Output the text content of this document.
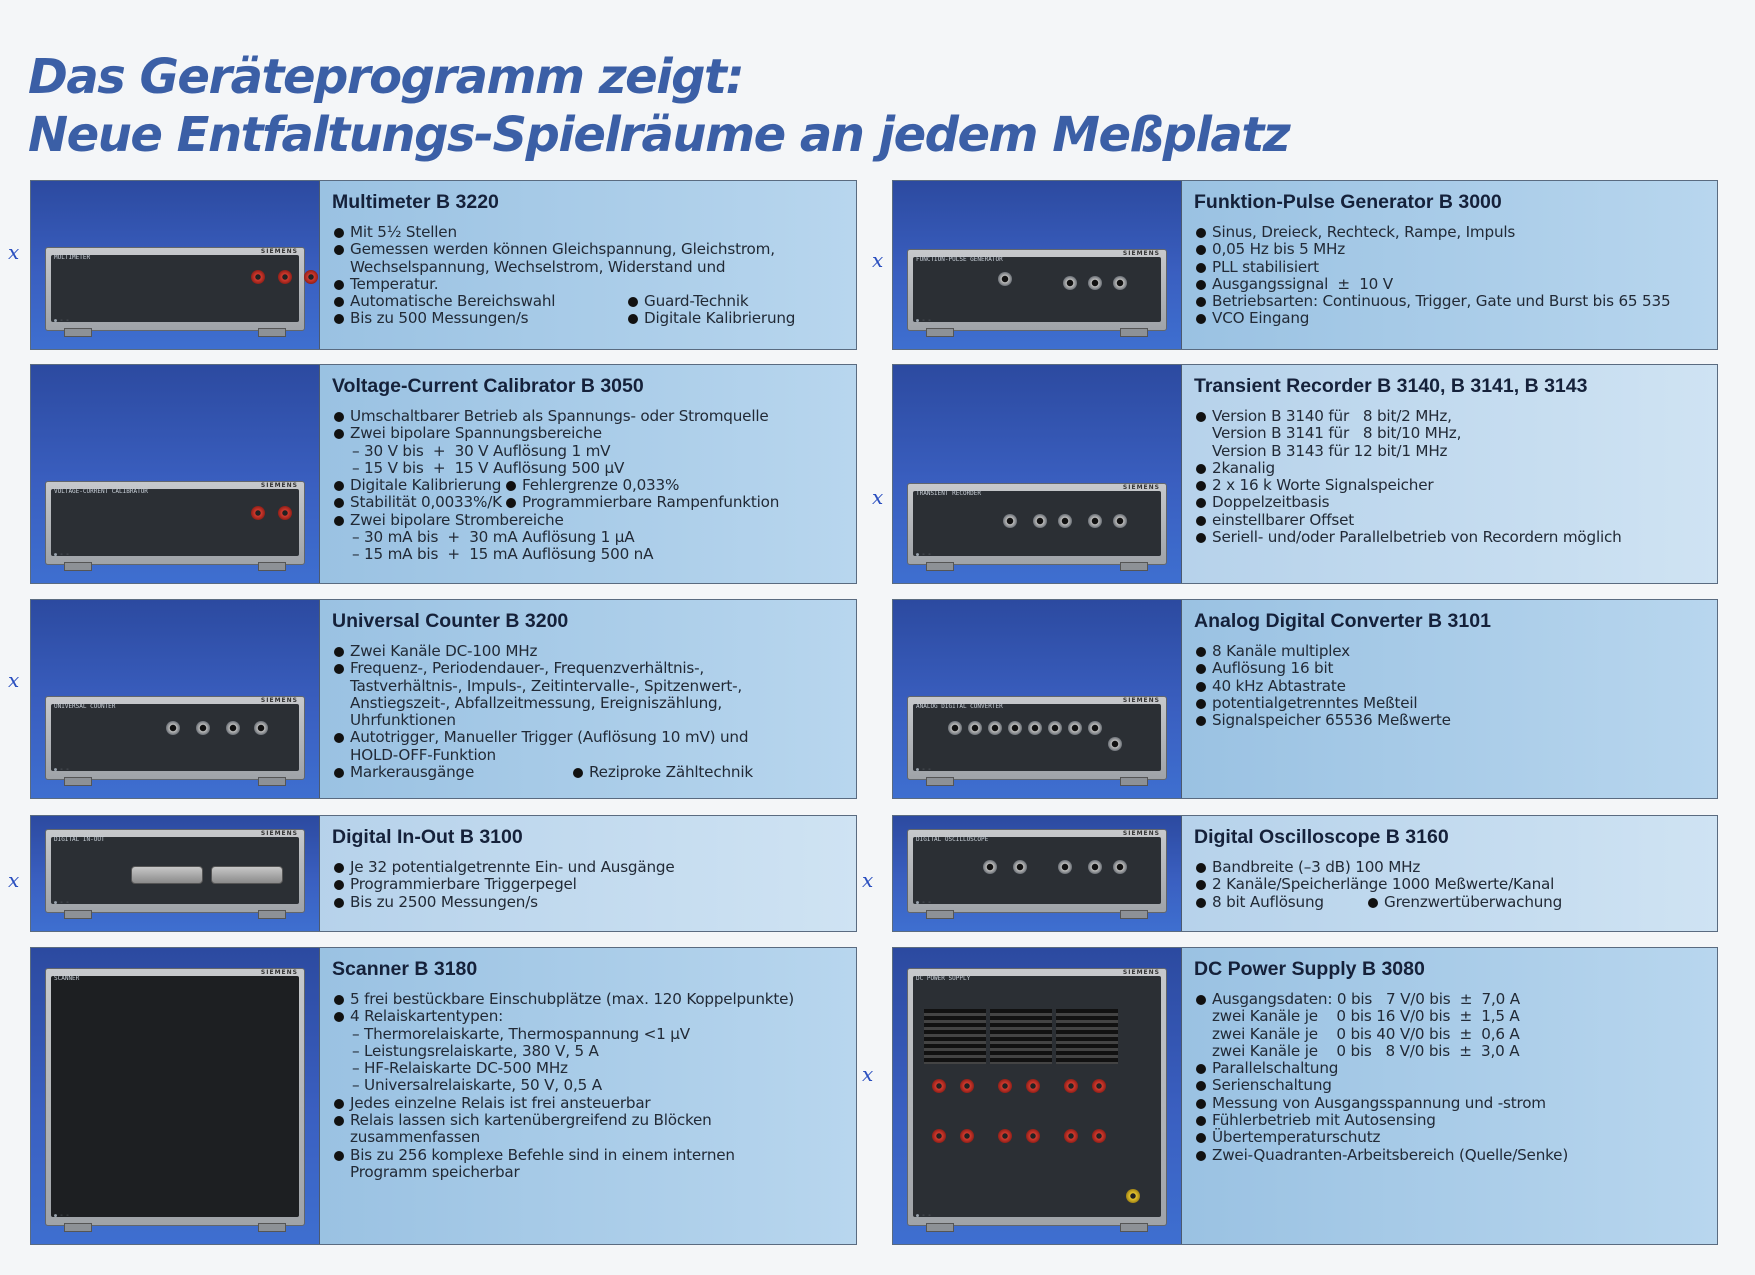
Das Geräteprogramm zeigt:
Neue Entfaltungs-Spielräume an jedem Meßplatz
SIEMENS
MULTIMETER
● ◦ ◦
Multimeter B 3220
Mit 5½ Stellen
Gemessen werden können Gleichspannung, Gleichstrom,
Wechselspannung, Wechselstrom, Widerstand und
Temperatur.
Automatische Bereichswahl	Guard-Technik
Bis zu 500 Messungen/s	Digitale Kalibrierung
SIEMENS
FUNCTION-PULSE GENERATOR
● ◦ ◦
Funktion-Pulse Generator B 3000
Sinus, Dreieck, Rechteck, Rampe, Impuls
0,05 Hz bis 5 MHz
PLL stabilisiert
Ausgangssignal  ±  10 V
Betriebsarten: Continuous, Trigger, Gate und Burst bis 65 535
VCO Eingang
SIEMENS
VOLTAGE-CURRENT CALIBRATOR
● ◦ ◦
Voltage-Current Calibrator B 3050
Umschaltbarer Betrieb als Spannungs- oder Stromquelle
Zwei bipolare Spannungsbereiche
– 30 V bis  +  30 V Auflösung 1 mV
– 15 V bis  +  15 V Auflösung 500 µV
Digitale Kalibrierung Fehlergrenze 0,033%
Stabilität 0,0033%/K Programmierbare Rampenfunktion
Zwei bipolare Strombereiche
– 30 mA bis  +  30 mA Auflösung 1 µA
– 15 mA bis  +  15 mA Auflösung 500 nA
SIEMENS
TRANSIENT RECORDER
● ◦ ◦
Transient Recorder B 3140, B 3141, B 3143
Version B 3140 für   8 bit/2 MHz,
Version B 3141 für   8 bit/10 MHz,
Version B 3143 für 12 bit/1 MHz
2kanalig
2 x 16 k Worte Signalspeicher
Doppelzeitbasis
einstellbarer Offset
Seriell- und/oder Parallelbetrieb von Recordern möglich
SIEMENS
UNIVERSAL COUNTER
● ◦ ◦
Universal Counter B 3200
Zwei Kanäle DC-100 MHz
Frequenz-, Periodendauer-, Frequenzverhältnis-,
Tastverhältnis-, Impuls-, Zeitintervalle-, Spitzenwert-,
Anstiegszeit-, Abfallzeitmessung, Ereigniszählung,
Uhrfunktionen
Autotrigger, Manueller Trigger (Auflösung 10 mV) und
HOLD-OFF-Funktion
Markerausgänge	Reziproke Zähltechnik
SIEMENS
ANALOG DIGITAL CONVERTER
● ◦ ◦
Analog Digital Converter B 3101
8 Kanäle multiplex
Auflösung 16 bit
40 kHz Abtastrate
potentialgetrenntes Meßteil
Signalspeicher 65536 Meßwerte
SIEMENS
DIGITAL IN-OUT
● ◦ ◦
Digital In-Out B 3100
Je 32 potentialgetrennte Ein- und Ausgänge
Programmierbare Triggerpegel
Bis zu 2500 Messungen/s
SIEMENS
DIGITAL OSCILLOSCOPE
● ◦ ◦
Digital Oscilloscope B 3160
Bandbreite (–3 dB) 100 MHz
2 Kanäle/Speicherlänge 1000 Meßwerte/Kanal
8 bit Auflösung	Grenzwertüberwachung
SIEMENS
SCANNER
● ◦ ◦
Scanner B 3180
5 frei bestückbare Einschubplätze (max. 120 Koppelpunkte)
4 Relaiskartentypen:
– Thermorelaiskarte, Thermospannung <1 µV
– Leistungsrelaiskarte, 380 V, 5 A
– HF-Relaiskarte DC-500 MHz
– Universalrelaiskarte, 50 V, 0,5 A
Jedes einzelne Relais ist frei ansteuerbar
Relais lassen sich kartenübergreifend zu Blöcken
zusammenfassen
Bis zu 256 komplexe Befehle sind in einem internen
Programm speicherbar
SIEMENS
DC POWER SUPPLY
● ◦ ◦
DC Power Supply B 3080
Ausgangsdaten: 0 bis   7 V/0 bis  ±  7,0 A
zwei Kanäle je    0 bis 16 V/0 bis  ±  1,5 A
zwei Kanäle je    0 bis 40 V/0 bis  ±  0,6 A
zwei Kanäle je    0 bis   8 V/0 bis  ±  3,0 A
Parallelschaltung
Serienschaltung
Messung von Ausgangsspannung und -strom
Fühlerbetrieb mit Autosensing
Übertemperaturschutz
Zwei-Quadranten-Arbeitsbereich (Quelle/Senke)
x	x
x
x
x	x
x
